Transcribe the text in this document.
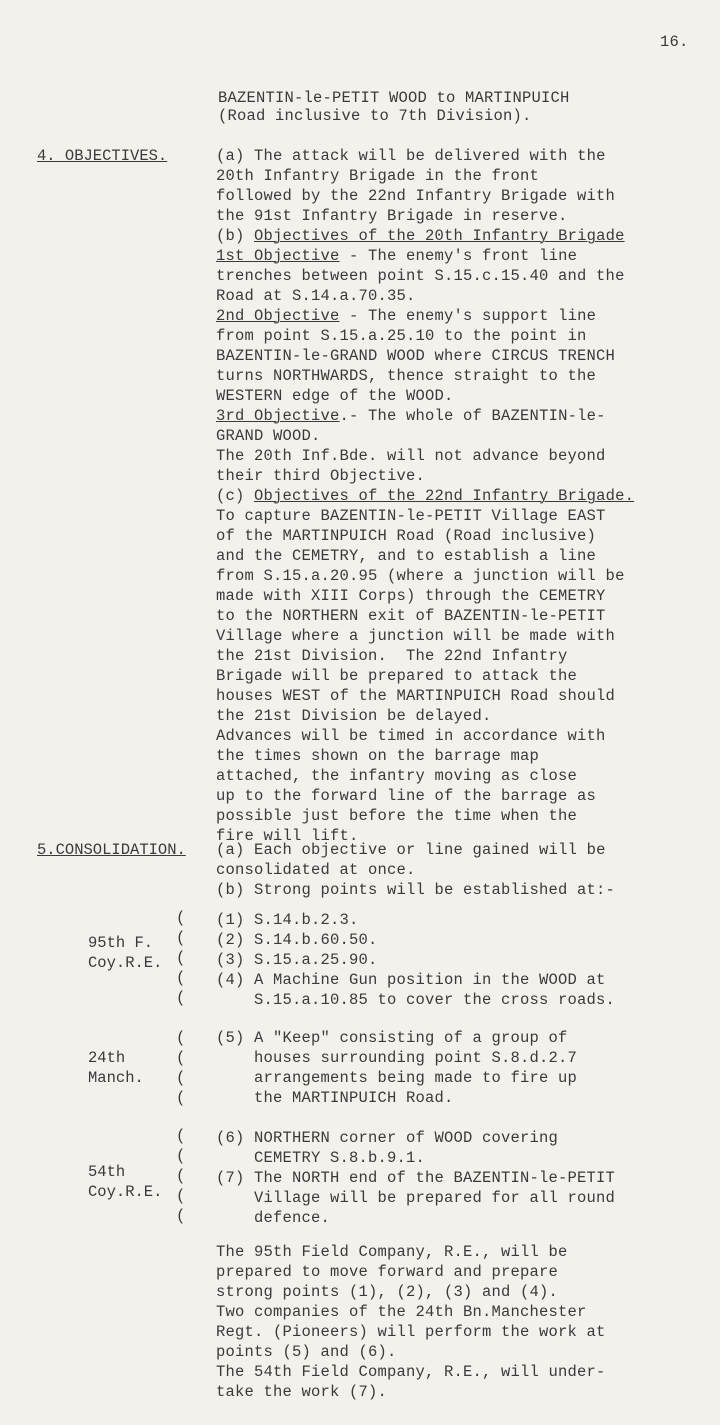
16.
BAZENTIN-le-PETIT WOOD to MARTINPUICH
(Road inclusive to 7th Division).
4. OBJECTIVES.	(a) The attack will be delivered with the
20th Infantry Brigade in the front
followed by the 22nd Infantry Brigade with
the 91st Infantry Brigade in reserve.
(b) Objectives of the 20th Infantry Brigade
1st Objective - The enemy's front line
trenches between point S.15.c.15.40 and the
Road at S.14.a.70.35.
2nd Objective - The enemy's support line
from point S.15.a.25.10 to the point in
BAZENTIN-le-GRAND WOOD where CIRCUS TRENCH
turns NORTHWARDS, thence straight to the
WESTERN edge of the WOOD.
3rd Objective.- The whole of BAZENTIN-le-
GRAND WOOD.
The 20th Inf.Bde. will not advance beyond
their third Objective.
(c) Objectives of the 22nd Infantry Brigade.
To capture BAZENTIN-le-PETIT Village EAST
of the MARTINPUICH Road (Road inclusive)
and the CEMETRY, and to establish a line
from S.15.a.20.95 (where a junction will be
made with XIII Corps) through the CEMETRY
to the NORTHERN exit of BAZENTIN-le-PETIT
Village where a junction will be made with
the 21st Division.  The 22nd Infantry
Brigade will be prepared to attack the
houses WEST of the MARTINPUICH Road should
the 21st Division be delayed.
Advances will be timed in accordance with
the times shown on the barrage map
attached, the infantry moving as close
up to the forward line of the barrage as
possible just before the time when the
fire will lift.
5.CONSOLIDATION. (a) Each objective or line gained will be
consolidated at once.
(b) Strong points will be established at:-
(
(
(
(
(
95th F.
Coy.R.E.
(1) S.14.b.2.3.
(2) S.14.b.60.50.
(3) S.15.a.25.90.
(4) A Machine Gun position in the WOOD at
S.15.a.10.85 to cover the cross roads.
(
(
(
(
24th
Manch.
(5) A "Keep" consisting of a group of
houses surrounding point S.8.d.2.7
arrangements being made to fire up
the MARTINPUICH Road.
(
(
(
(
(
54th
Coy.R.E.
(6) NORTHERN corner of WOOD covering
CEMETRY S.8.b.9.1.
(7) The NORTH end of the BAZENTIN-le-PETIT
Village will be prepared for all round
defence.
The 95th Field Company, R.E., will be
prepared to move forward and prepare
strong points (1), (2), (3) and (4).
Two companies of the 24th Bn.Manchester
Regt. (Pioneers) will perform the work at
points (5) and (6).
The 54th Field Company, R.E., will under-
take the work (7).
